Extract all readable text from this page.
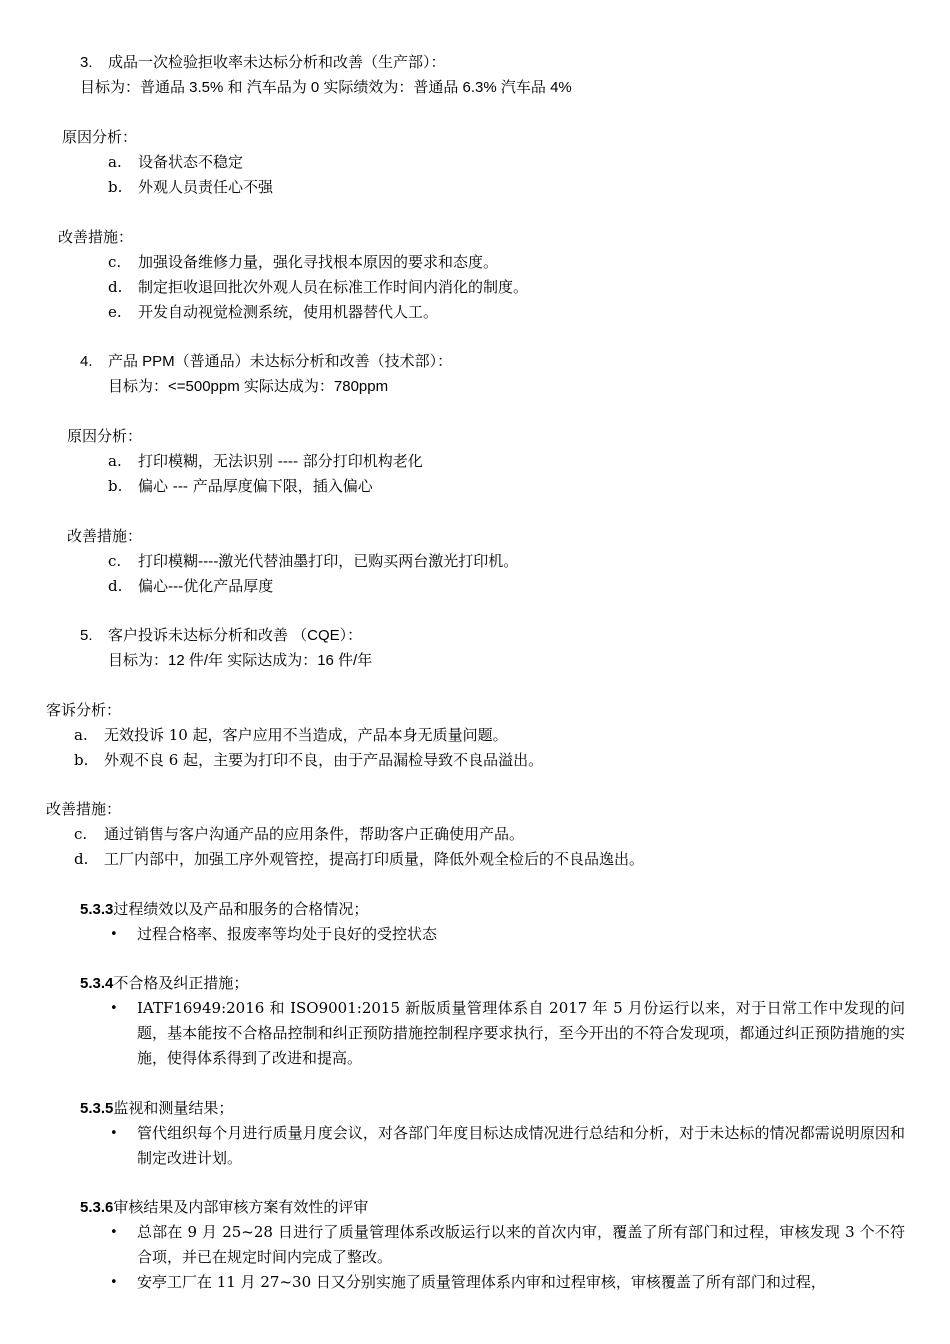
3. 成品一次检验拒收率未达标分析和改善（生产部）：
目标为：普通品 3.5% 和 汽车品为 0 实际绩效为：普通品 6.3% 汽车品 4%
原因分析：
a. 设备状态不稳定
b. 外观人员责任心不强
改善措施：
c. 加强设备维修力量，强化寻找根本原因的要求和态度。
d. 制定拒收退回批次外观人员在标准工作时间内消化的制度。
e. 开发自动视觉检测系统，使用机器替代人工。
4. 产品 PPM（普通品）未达标分析和改善（技术部）：
目标为：<=500ppm 实际达成为：780ppm
原因分析：
a. 打印模糊，无法识别 ---- 部分打印机构老化
b. 偏心 --- 产品厚度偏下限，插入偏心
改善措施：
c. 打印模糊----激光代替油墨打印，已购买两台激光打印机。
d. 偏心---优化产品厚度
5. 客户投诉未达标分析和改善 （CQE）：
目标为：12 件/年 实际达成为：16 件/年
客诉分析：
a. 无效投诉 10 起，客户应用不当造成，产品本身无质量问题。
b. 外观不良 6 起，主要为打印不良，由于产品漏检导致不良品溢出。
改善措施：
c. 通过销售与客户沟通产品的应用条件，帮助客户正确使用产品。
d. 工厂内部中，加强工序外观管控，提高打印质量，降低外观全检后的不良品逸出。
5.3.3过程绩效以及产品和服务的合格情况；
• 过程合格率、报废率等均处于良好的受控状态
5.3.4不合格及纠正措施；
• IATF16949:2016 和 ISO9001:2015 新版质量管理体系自 2017 年 5 月份运行以来，对于日常工作中发现的问题，基本能按不合格品控制和纠正预防措施控制程序要求执行，至今开出的不符合发现项，都通过纠正预防措施的实施，使得体系得到了改进和提高。
5.3.5监视和测量结果；
• 管代组织每个月进行质量月度会议，对各部门年度目标达成情况进行总结和分析，对于未达标的情况都需说明原因和制定改进计划。
5.3.6审核结果及内部审核方案有效性的评审
• 总部在 9 月 25~28 日进行了质量管理体系改版运行以来的首次内审，覆盖了所有部门和过程，审核发现 3 个不符合项，并已在规定时间内完成了整改。
• 安亭工厂在 11 月 27~30 日又分别实施了质量管理体系内审和过程审核，审核覆盖了所有部门和过程，
